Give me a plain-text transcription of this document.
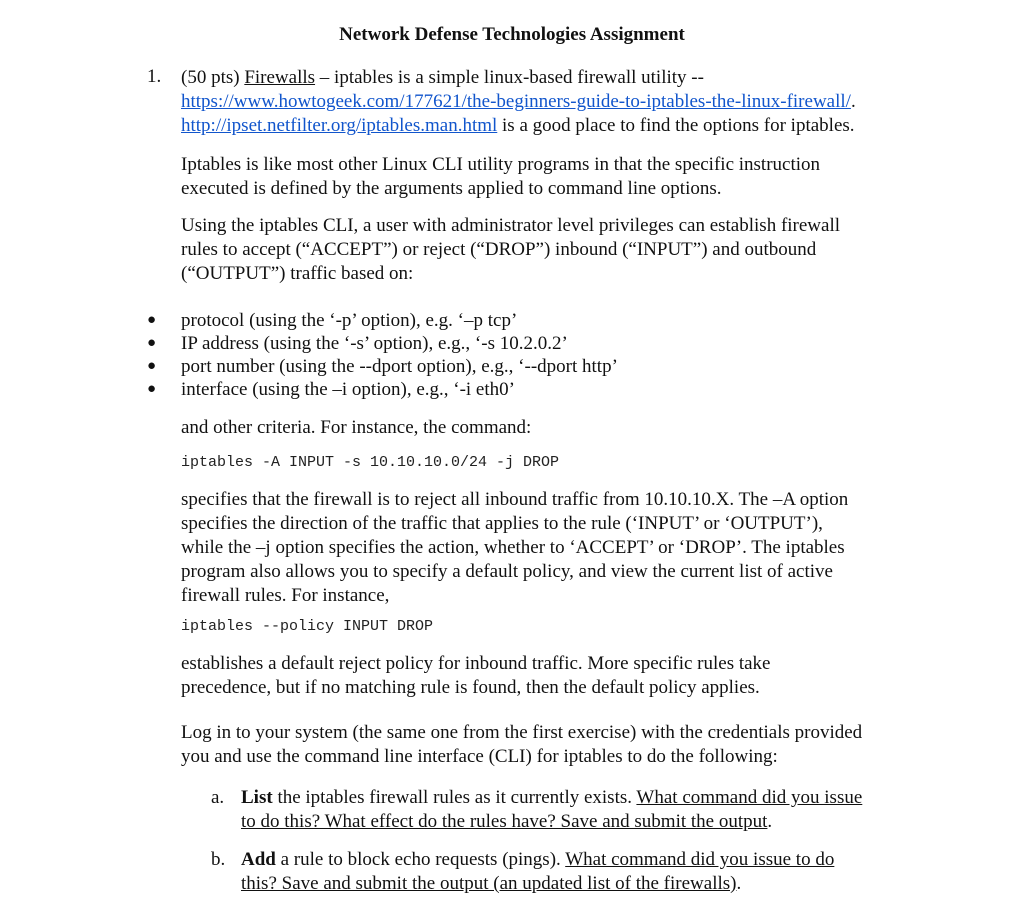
Network Defense Technologies Assignment
1. (50 pts) Firewalls – iptables is a simple linux-based firewall utility --
https://www.howtogeek.com/177621/the-beginners-guide-to-iptables-the-linux-firewall/.
http://ipset.netfilter.org/iptables.man.html is a good place to find the options for iptables.
Iptables is like most other Linux CLI utility programs in that the specific instruction
executed is defined by the arguments applied to command line options.
Using the iptables CLI, a user with administrator level privileges can establish firewall
rules to accept (“ACCEPT”) or reject (“DROP”) inbound (“INPUT”) and outbound
(“OUTPUT”) traffic based on:
●	protocol (using the ‘-p’ option), e.g. ‘–p tcp’
●	IP address (using the ‘-s’ option), e.g., ‘-s 10.2.0.2’
●	port number (using the --dport option), e.g., ‘--dport http’
●	interface (using the –i option), e.g., ‘-i eth0’
and other criteria. For instance, the command:
iptables -A INPUT -s 10.10.10.0/24 -j DROP
specifies that the firewall is to reject all inbound traffic from 10.10.10.X. The –A option
specifies the direction of the traffic that applies to the rule (‘INPUT’ or ‘OUTPUT’),
while the –j option specifies the action, whether to ‘ACCEPT’ or ‘DROP’. The iptables
program also allows you to specify a default policy, and view the current list of active
firewall rules. For instance,
iptables --policy INPUT DROP
establishes a default reject policy for inbound traffic. More specific rules take
precedence, but if no matching rule is found, then the default policy applies.
Log in to your system (the same one from the first exercise) with the credentials provided
you and use the command line interface (CLI) for iptables to do the following:
a. List the iptables firewall rules as it currently exists. What command did you issue
to do this? What effect do the rules have? Save and submit the output.
b. Add a rule to block echo requests (pings). What command did you issue to do
this? Save and submit the output (an updated list of the firewalls).
